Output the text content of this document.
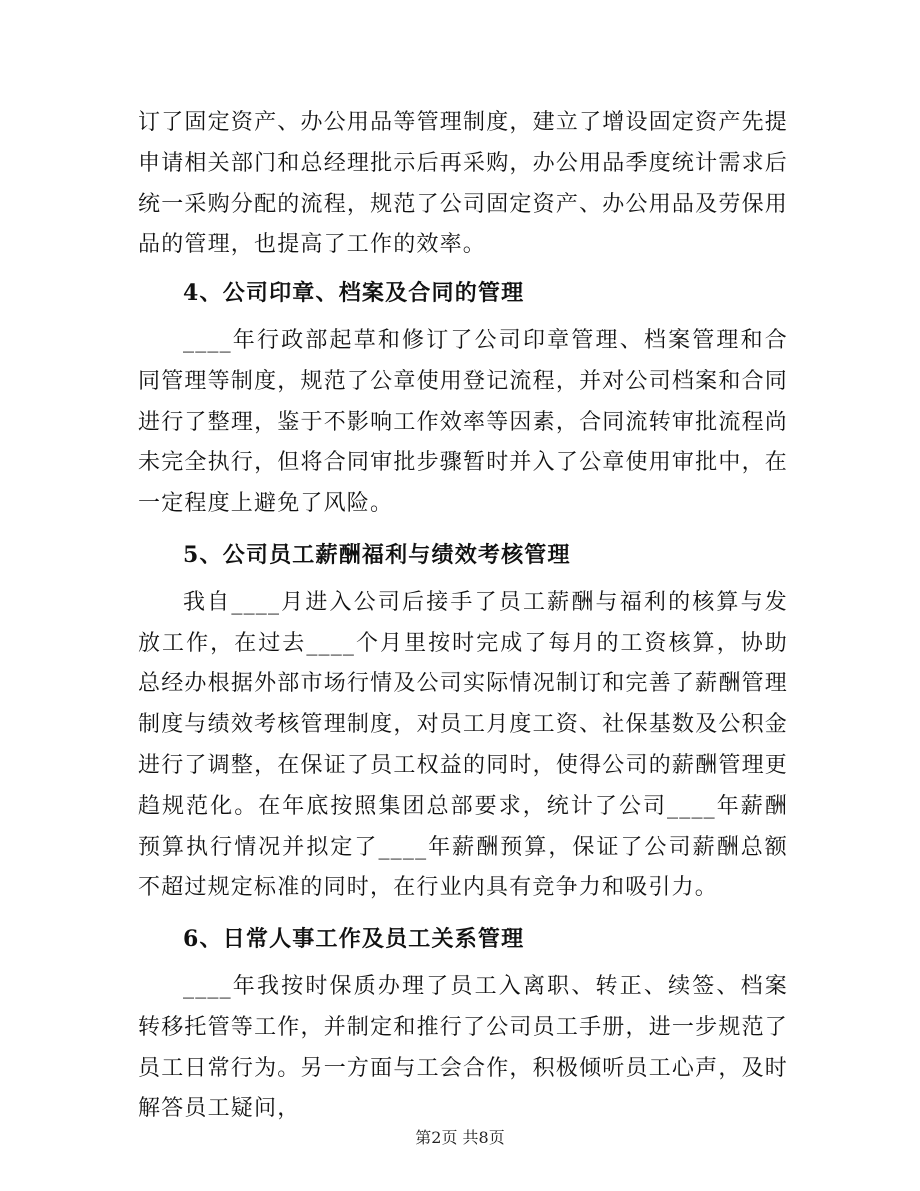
订了固定资产、办公用品等管理制度，建立了增设固定资产先提申请相关部门和总经理批示后再采购，办公用品季度统计需求后统一采购分配的流程，规范了公司固定资产、办公用品及劳保用品的管理，也提高了工作的效率。

4、公司印章、档案及合同的管理

____年行政部起草和修订了公司印章管理、档案管理和合同管理等制度，规范了公章使用登记流程，并对公司档案和合同进行了整理，鉴于不影响工作效率等因素，合同流转审批流程尚未完全执行，但将合同审批步骤暂时并入了公章使用审批中，在一定程度上避免了风险。

5、公司员工薪酬福利与绩效考核管理

我自____月进入公司后接手了员工薪酬与福利的核算与发放工作，在过去____个月里按时完成了每月的工资核算，协助总经办根据外部市场行情及公司实际情况制订和完善了薪酬管理制度与绩效考核管理制度，对员工月度工资、社保基数及公积金进行了调整，在保证了员工权益的同时，使得公司的薪酬管理更趋规范化。在年底按照集团总部要求，统计了公司____年薪酬预算执行情况并拟定了____年薪酬预算，保证了公司薪酬总额不超过规定标准的同时，在行业内具有竞争力和吸引力。

6、日常人事工作及员工关系管理

____年我按时保质办理了员工入离职、转正、续签、档案转移托管等工作，并制定和推行了公司员工手册，进一步规范了员工日常行为。另一方面与工会合作，积极倾听员工心声，及时解答员工疑问，

第2页 共8页
